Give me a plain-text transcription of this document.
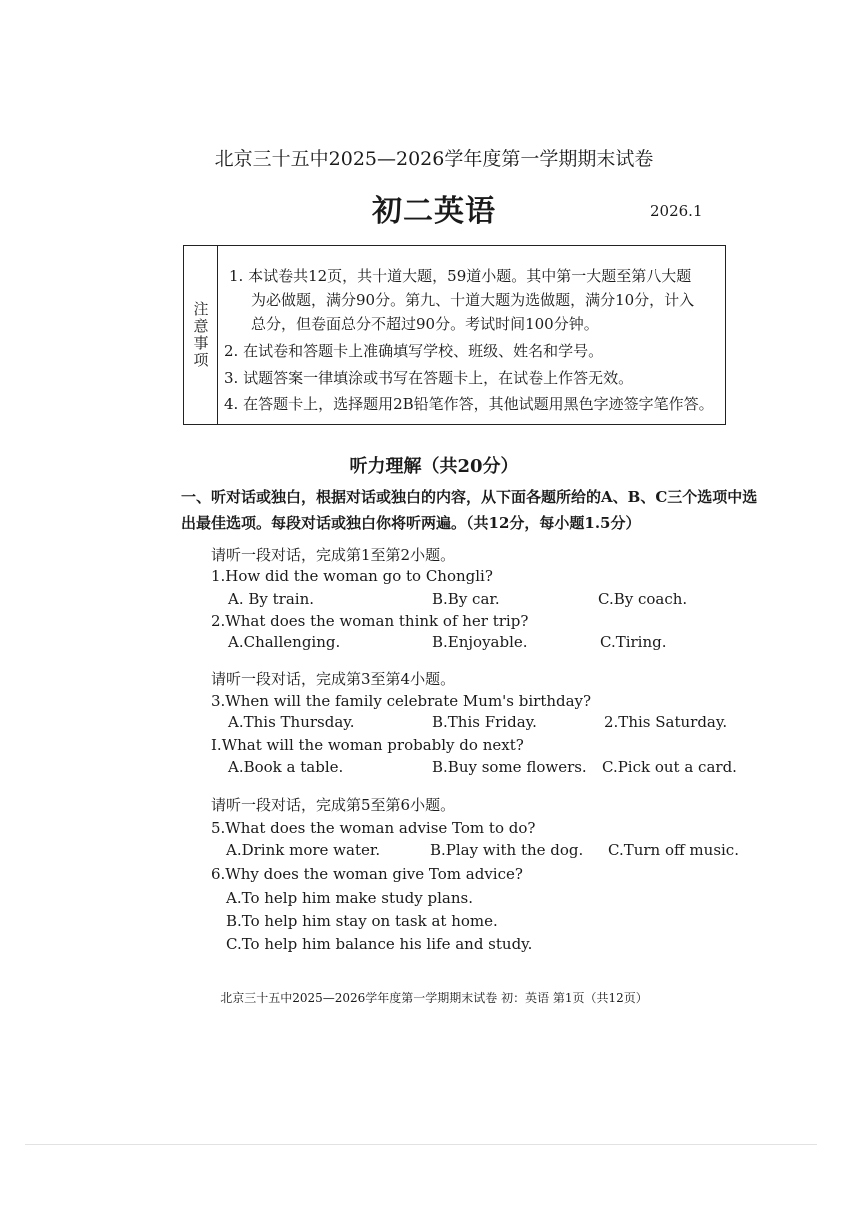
北京三十五中2025—2026学年度第一学期期末试卷
初二英语	2026.1
注意事项
1. 本试卷共12页，共十道大题，59道小题。其中第一大题至第八大题
为必做题，满分90分。第九、十道大题为选做题，满分10分，计入
总分，但卷面总分不超过90分。考试时间100分钟。
2. 在试卷和答题卡上准确填写学校、班级、姓名和学号。
3. 试题答案一律填涂或书写在答题卡上，在试卷上作答无效。
4. 在答题卡上，选择题用2B铅笔作答，其他试题用黑色字迹签字笔作答。
听力理解（共20分）
一、听对话或独白，根据对话或独白的内容，从下面各题所给的A、B、C三个选项中选
出最佳选项。每段对话或独白你将听两遍。（共12分，每小题1.5分）
请听一段对话，完成第1至第2小题。
1.How did the woman go to Chongli?
A. By train.	B.By car.	C.By coach.
2.What does the woman think of her trip?
A.Challenging.	B.Enjoyable.	C.Tiring.
请听一段对话，完成第3至第4小题。
3.When will the family celebrate Mum's birthday?
A.This Thursday.	B.This Friday.	2.This Saturday.
I.What will the woman probably do next?
A.Book a table.	B.Buy some flowers. C.Pick out a card.
请听一段对话，完成第5至第6小题。
5.What does the woman advise Tom to do?
A.Drink more water.	B.Play with the dog. C.Turn off music.
6.Why does the woman give Tom advice?
A.To help him make study plans.
B.To help him stay on task at home.
C.To help him balance his life and study.
北京三十五中2025—2026学年度第一学期期末试卷 初：英语 第1页（共12页）
